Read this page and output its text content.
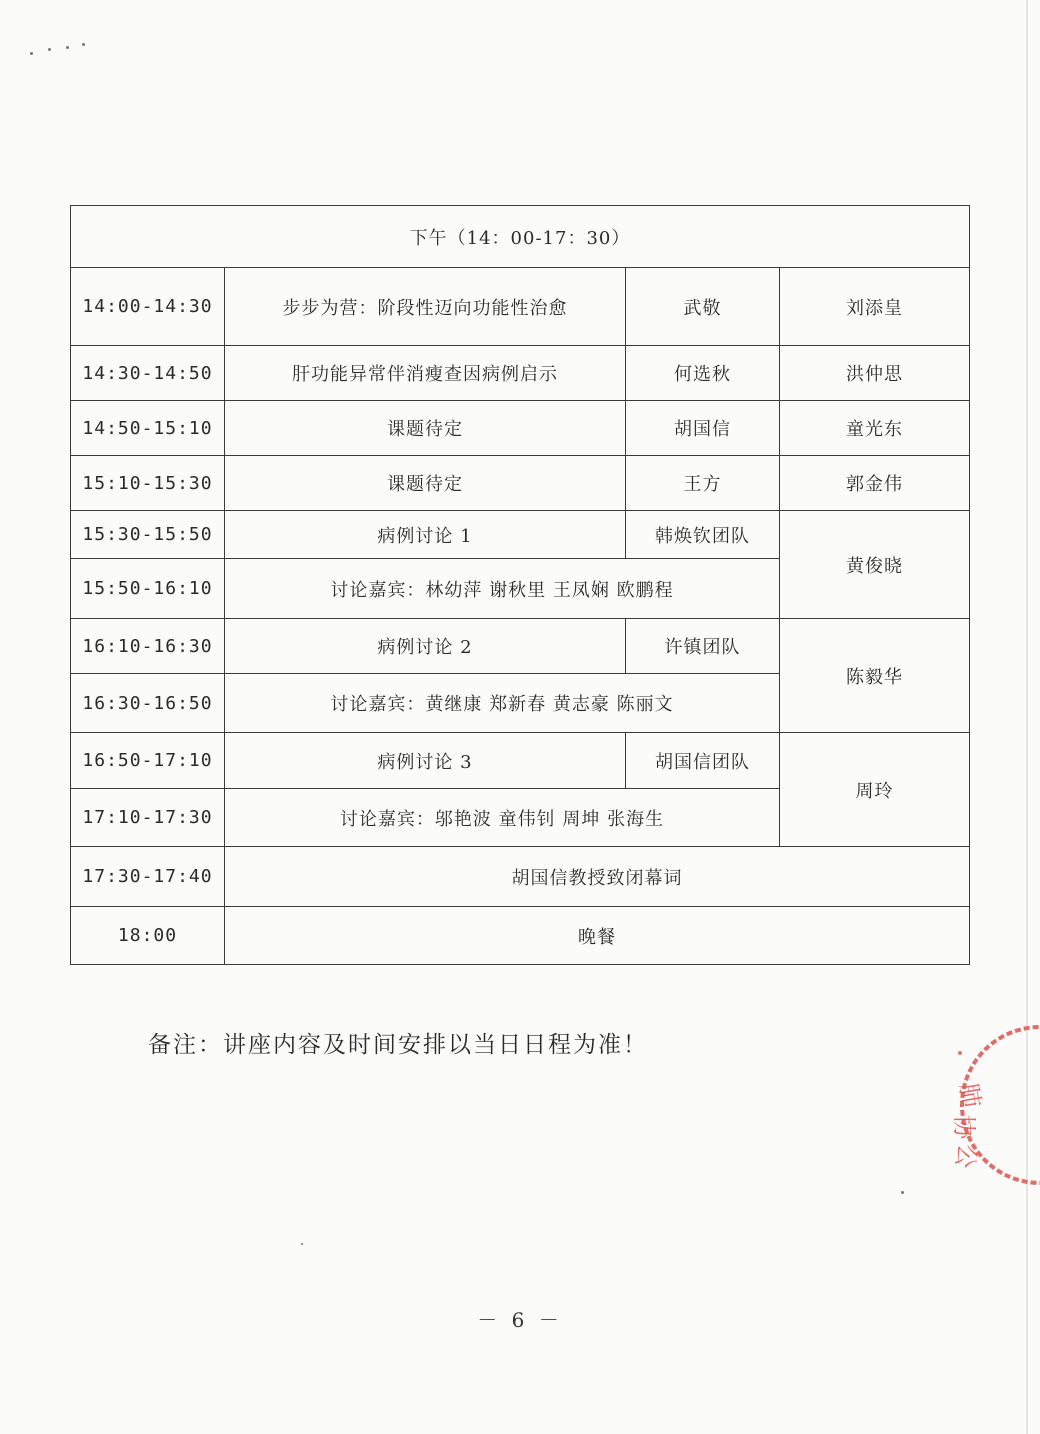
下午（14：00-17：30）			
14:00-14:30	步步为营：阶段性迈向功能性治愈	武敬	刘添皇
14:30-14:50	肝功能异常伴消瘦查因病例启示	何选秋	洪仲思
14:50-15:10	课题待定	胡国信	童光东
15:10-15:30	课题待定	王方	郭金伟
15:30-15:50	病例讨论 1	韩焕钦团队	黄俊晓
15:50-16:10	讨论嘉宾：林幼萍 谢秋里 王凤娴 欧鹏程		
16:10-16:30	病例讨论 2	许镇团队	陈毅华
16:30-16:50	讨论嘉宾：黄继康 郑新春 黄志豪 陈丽文		
16:50-17:10	病例讨论 3	胡国信团队	周玲
17:10-17:30	讨论嘉宾：邬艳波 童伟钊 周坤 张海生		
17:30-17:40	胡国信教授致闭幕词		
18:00	晚餐		
备注：讲座内容及时间安排以当日日程为准！
肺
协
公
－ 6 －
